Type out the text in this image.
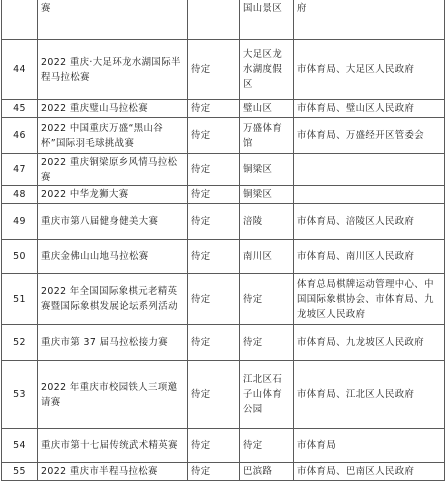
	赛		国山景区	府
44	2022 重庆·大足环龙水湖国际半程马拉松赛	待定	大足区龙水湖度假区	市体育局、大足区人民政府
45	2022 重庆璧山马拉松赛	待定	璧山区	市体育局、璧山区人民政府
46	2022 中国重庆万盛“黑山谷杯”国际羽毛球挑战赛	待定	万盛体育馆	市体育局、万盛经开区管委会
47	2022 重庆铜梁原乡风情马拉松赛	待定	铜梁区	
48	2022 中华龙狮大赛	待定	铜梁区	
49	重庆市第八届健身健美大赛	待定	涪陵	市体育局、涪陵区人民政府
50	重庆金佛山山地马拉松赛	待定	南川区	市体育局、南川区人民政府
51	2022 年全国国际象棋元老精英赛暨国际象棋发展论坛系列活动	待定	待定	体育总局棋牌运动管理中心、中国国际象棋协会、市体育局、九龙坡区人民政府
52	重庆市第 37 届马拉松接力赛	待定	待定	市体育局、九龙坡区人民政府
53	2022 年重庆市校园铁人三项邀请赛	待定	江北区石子山体育公园	市体育局、江北区人民政府
54	重庆市第十七届传统武术精英赛	待定	待定	市体育局
55	2022 重庆市半程马拉松赛	待定	巴滨路	市体育局、巴南区人民政府
